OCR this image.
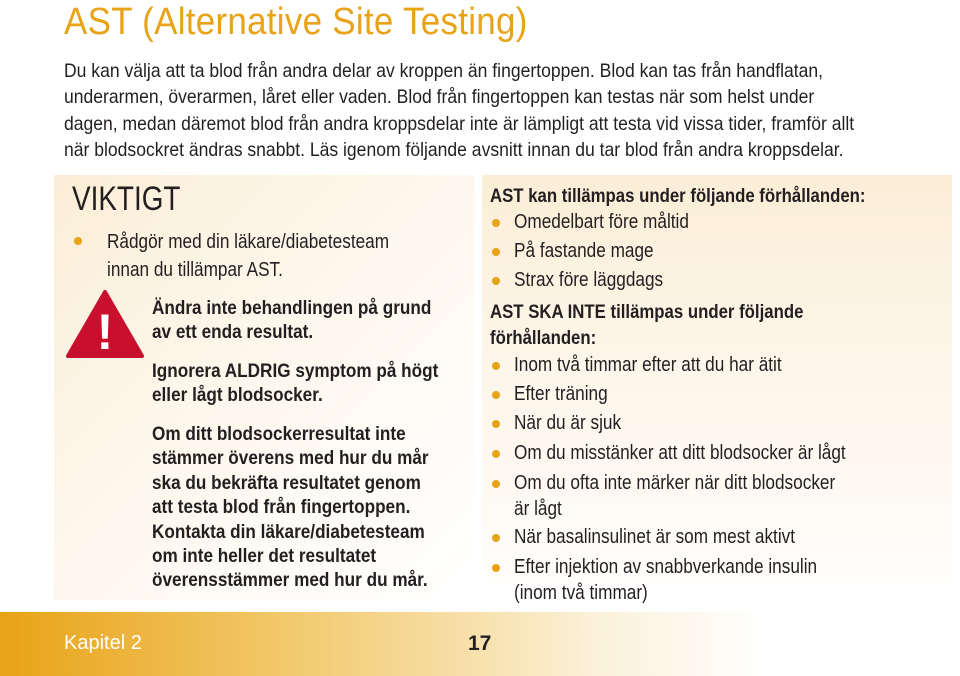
AST (Alternative Site Testing)
Du kan välja att ta blod från andra delar av kroppen än fingertoppen. Blod kan tas från handflatan,
underarmen, överarmen, låret eller vaden. Blod från fingertoppen kan testas när som helst under
dagen, medan däremot blod från andra kroppsdelar inte är lämpligt att testa vid vissa tider, framför allt
när blodsockret ändras snabbt. Läs igenom följande avsnitt innan du tar blod från andra kroppsdelar.
VIKTIGT
Rådgör med din läkare/diabetesteam
innan du tillämpar AST.
! Ändra inte behandlingen på grund
av ett enda resultat.
Ignorera ALDRIG symptom på högt
eller lågt blodsocker.
Om ditt blodsockerresultat inte
stämmer överens med hur du mår
ska du bekräfta resultatet genom
att testa blod från fingertoppen.
Kontakta din läkare/diabetesteam
om inte heller det resultatet
överensstämmer med hur du mår.
AST kan tillämpas under följande förhållanden:
Omedelbart före måltid
På fastande mage
Strax före läggdags
AST SKA INTE tillämpas under följande
förhållanden:
Inom två timmar efter att du har ätit
Efter träning
När du är sjuk
Om du misstänker att ditt blodsocker är lågt
Om du ofta inte märker när ditt blodsocker
är lågt
När basalinsulinet är som mest aktivt
Efter injektion av snabbverkande insulin
(inom två timmar)
Kapitel 2	17
